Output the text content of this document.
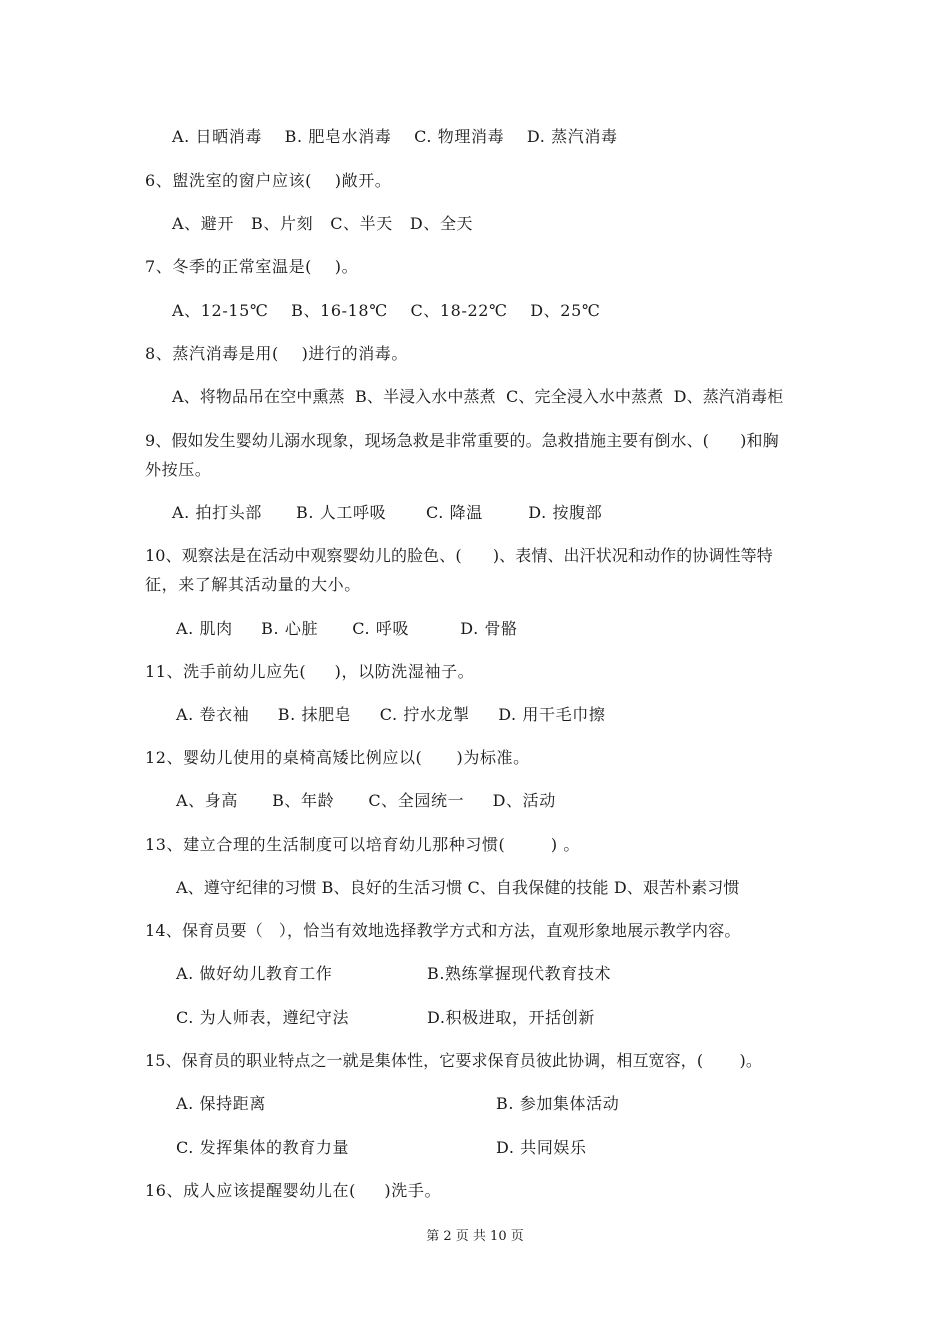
A. 日晒消毒    B. 肥皂水消毒    C. 物理消毒    D. 蒸汽消毒
6、盥洗室的窗户应该(    )敞开。
A、避开   B、片刻   C、半天   D、全天
7、冬季的正常室温是(    )。
A、12-15℃    B、16-18℃    C、18-22℃    D、25℃
8、蒸汽消毒是用(    )进行的消毒。
A、将物品吊在空中熏蒸  B、半浸入水中蒸煮  C、完全浸入水中蒸煮  D、蒸汽消毒柜
9、假如发生婴幼儿溺水现象，现场急救是非常重要的。急救措施主要有倒水、(      )和胸
外按压。
A. 拍打头部      B. 人工呼吸       C. 降温        D. 按腹部
10、观察法是在活动中观察婴幼儿的脸色、(      )、表情、出汗状况和动作的协调性等特
征，来了解其活动量的大小。
A. 肌肉     B. 心脏      C. 呼吸         D. 骨骼
11、洗手前幼儿应先(     )，以防洗湿袖子。
A. 卷衣袖     B. 抹肥皂     C. 拧水龙掣     D. 用干毛巾擦
12、婴幼儿使用的桌椅高矮比例应以(      )为标准。
A、身高      B、年龄      C、全园统一     D、活动
13、建立合理的生活制度可以培育幼儿那种习惯(        ) 。
A、遵守纪律的习惯 B、良好的生活习惯 C、自我保健的技能 D、艰苦朴素习惯
14、保育员要（   ），恰当有效地选择教学方式和方法，直观形象地展示教学内容。
A. 做好幼儿教育工作	B.熟练掌握现代教育技术
C. 为人师表，遵纪守法	D.积极进取，开括创新
15、保育员的职业特点之一就是集体性，它要求保育员彼此协调，相互宽容，(       )。
A. 保持距离	B. 参加集体活动
C. 发挥集体的教育力量	D. 共同娱乐
16、成人应该提醒婴幼儿在(     )洗手。
第 2 页 共 10 页
